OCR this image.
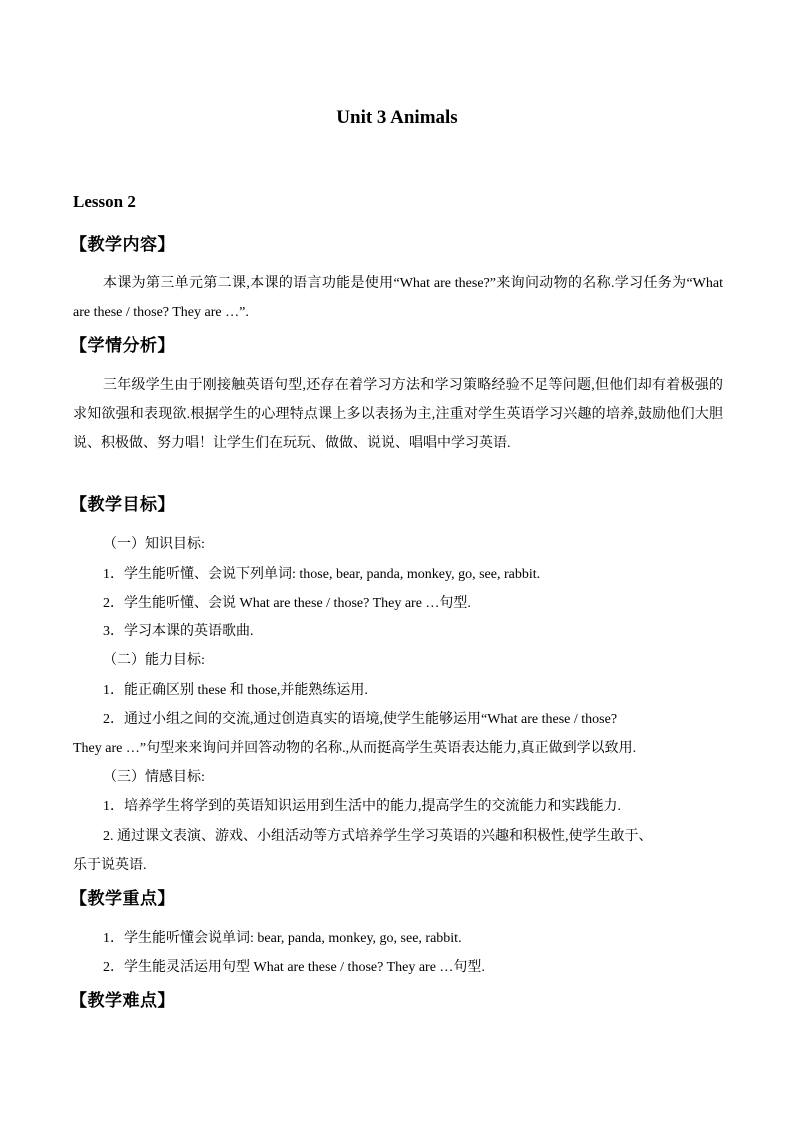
Unit 3 Animals
Lesson 2
【教学内容】
本课为第三单元第二课,本课的语言功能是使用“What are these?”来询问动物的名称.学习任务为“What are these / those? They are …”.
【学情分析】
三年级学生由于刚接触英语句型,还存在着学习方法和学习策略经验不足等问题,但他们却有着极强的求知欲强和表现欲.根据学生的心理特点课上多以表扬为主,注重对学生英语学习兴趣的培养,鼓励他们大胆说、积极做、努力唱！让学生们在玩玩、做做、说说、唱唱中学习英语.
【教学目标】
（一）知识目标:
1．学生能听懂、会说下列单词: those, bear, panda, monkey, go, see, rabbit.
2．学生能听懂、会说 What are these / those? They are …句型.
3．学习本课的英语歌曲.
（二）能力目标:
1．能正确区别 these 和 those,并能熟练运用.
2．通过小组之间的交流,通过创造真实的语境,使学生能够运用“What are these / those?
They are …”句型来来询问并回答动物的名称.,从而挺高学生英语表达能力,真正做到学以致用.
（三）情感目标:
1．培养学生将学到的英语知识运用到生活中的能力,提高学生的交流能力和实践能力.
2. 通过课文表演、游戏、小组活动等方式培养学生学习英语的兴趣和积极性,使学生敢于、
乐于说英语.
【教学重点】
1．学生能听懂会说单词: bear, panda, monkey, go, see, rabbit.
2．学生能灵活运用句型 What are these / those? They are …句型.
【教学难点】
